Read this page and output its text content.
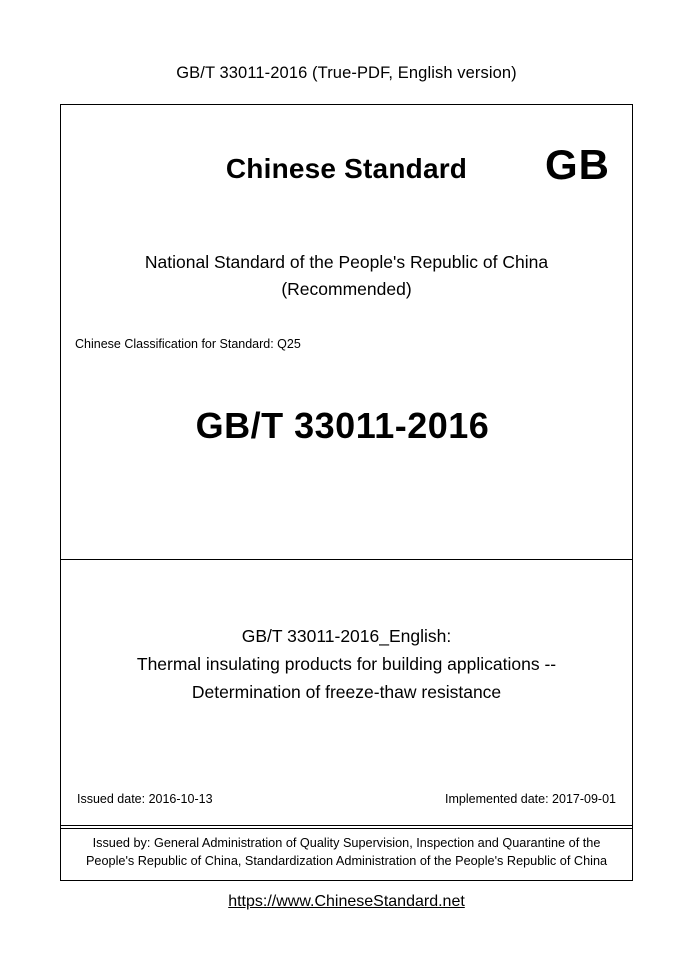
GB/T 33011-2016 (True-PDF, English version)
Chinese Standard	GB
National Standard of the People's Republic of China
(Recommended)
Chinese Classification for Standard: Q25
GB/T 33011-2016
GB/T 33011-2016_English:
Thermal insulating products for building applications --
Determination of freeze-thaw resistance
Issued date: 2016-10-13	Implemented date: 2017-09-01
Issued by: General Administration of Quality Supervision, Inspection and Quarantine of the People's Republic of China, Standardization Administration of the People's Republic of China
https://www.ChineseStandard.net
